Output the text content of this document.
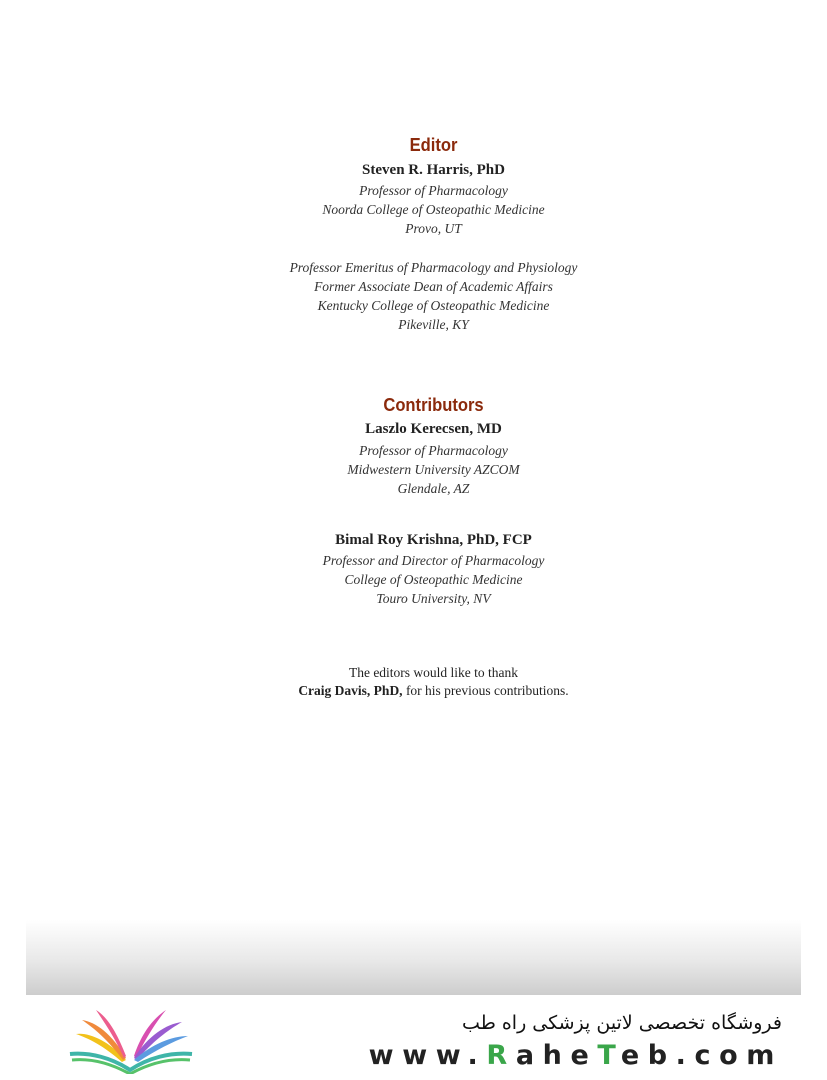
Editor
Steven R. Harris, PhD
Professor of Pharmacology
Noorda College of Osteopathic Medicine
Provo, UT
Professor Emeritus of Pharmacology and Physiology
Former Associate Dean of Academic Affairs
Kentucky College of Osteopathic Medicine
Pikeville, KY
Contributors
Laszlo Kerecsen, MD
Professor of Pharmacology
Midwestern University AZCOM
Glendale, AZ
Bimal Roy Krishna, PhD, FCP
Professor and Director of Pharmacology
College of Osteopathic Medicine
Touro University, NV
The editors would like to thank
Craig Davis, PhD, for his previous contributions.
فروشگاه تخصصی لاتین پزشکی راه طب
www.RaheTeb.com
